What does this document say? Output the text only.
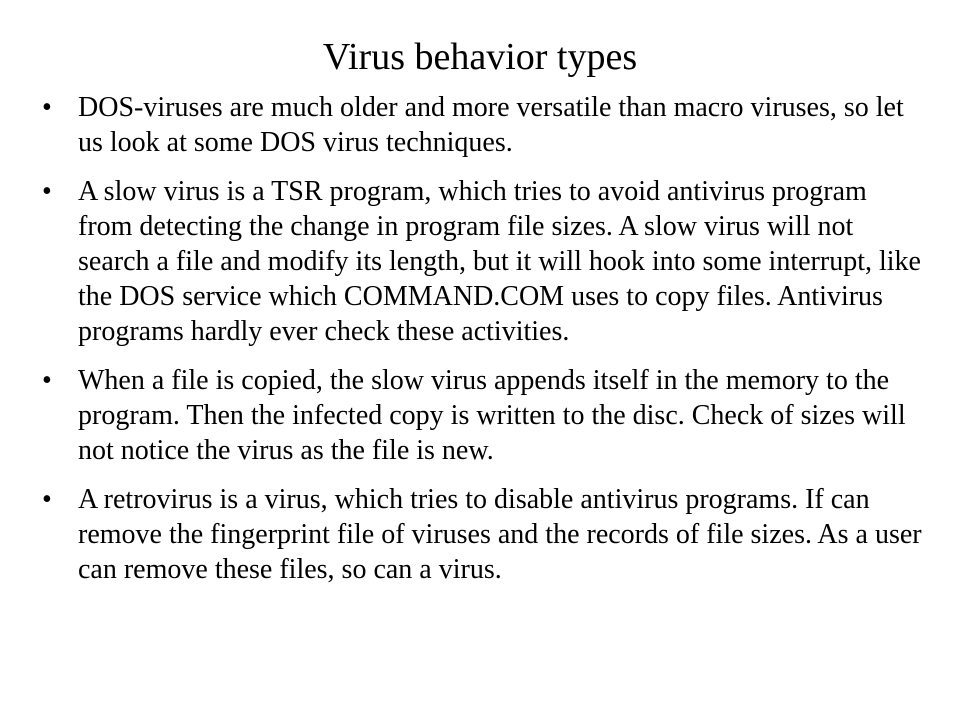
Virus behavior types
• DOS-viruses are much older and more versatile than macro viruses, so let us look at some DOS virus techniques.
• A slow virus is a TSR program, which tries to avoid antivirus program from detecting the change in program file sizes. A slow virus will not search a file and modify its length, but it will hook into some interrupt, like the DOS service which COMMAND.COM uses to copy files. Antivirus programs hardly ever check these activities.
• When a file is copied, the slow virus appends itself in the memory to the program. Then the infected copy is written to the disc. Check of sizes will not notice the virus as the file is new.
• A retrovirus is a virus, which tries to disable antivirus programs. If can remove the fingerprint file of viruses and the records of file sizes. As a user can remove these files, so can a virus.
